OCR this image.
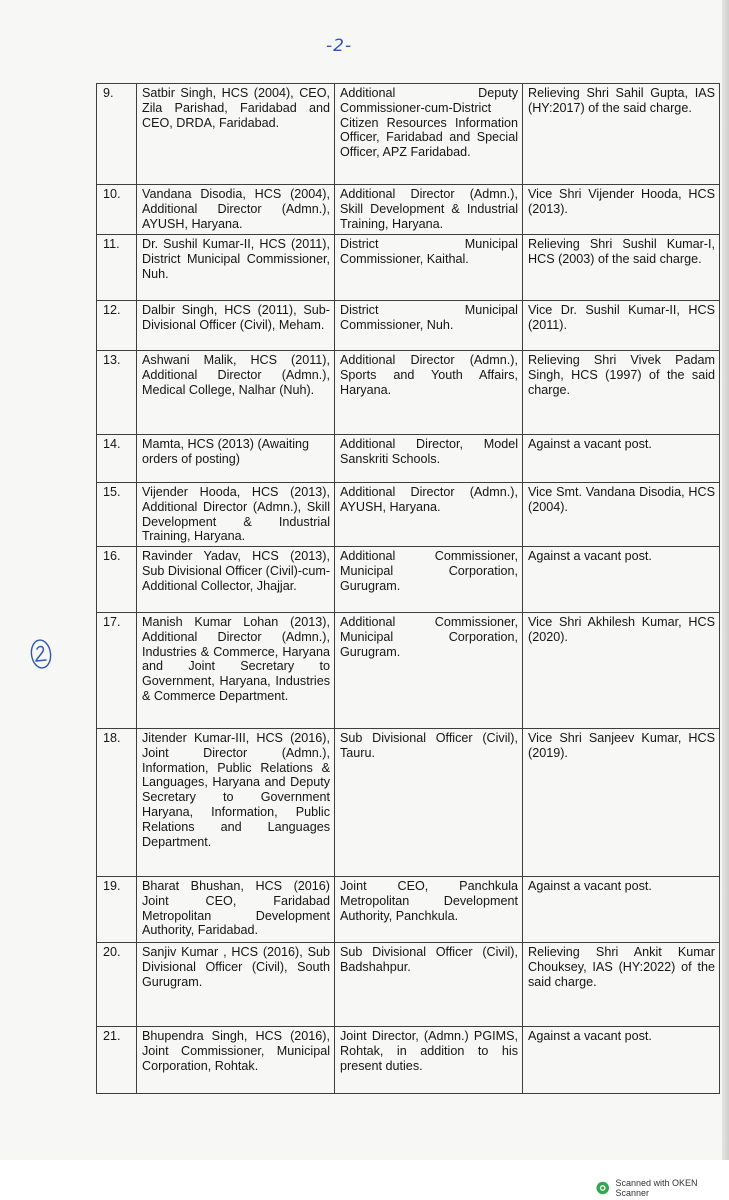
-2-
9.	Satbir Singh, HCS (2004), CEO, Zila Parishad, Faridabad and CEO, DRDA, Faridabad.	Additional Deputy Commissioner-cum-District Citizen Resources Information Officer, Faridabad and Special Officer, APZ Faridabad.	Relieving Shri Sahil Gupta, IAS (HY:2017) of the said charge.
10.	Vandana Disodia, HCS (2004), Additional Director (Admn.), AYUSH, Haryana.	Additional Director (Admn.), Skill Development & Industrial Training, Haryana.	Vice Shri Vijender Hooda, HCS (2013).
11.	Dr. Sushil Kumar-II, HCS (2011), District Municipal Commissioner, Nuh.	District Municipal Commissioner, Kaithal.	Relieving Shri Sushil Kumar-I, HCS (2003) of the said charge.
12.	Dalbir Singh, HCS (2011), Sub-Divisional Officer (Civil), Meham.	District Municipal Commissioner, Nuh.	Vice Dr. Sushil Kumar-II, HCS (2011).
13.	Ashwani Malik, HCS (2011), Additional Director (Admn.), Medical College, Nalhar (Nuh).	Additional Director (Admn.), Sports and Youth Affairs, Haryana.	Relieving Shri Vivek Padam Singh, HCS (1997) of the said charge.
14.	Mamta, HCS (2013) (Awaiting orders of posting)	Additional Director, Model Sanskriti Schools.	Against a vacant post.
15.	Vijender Hooda, HCS (2013), Additional Director (Admn.), Skill Development & Industrial Training, Haryana.	Additional Director (Admn.), AYUSH, Haryana.	Vice Smt. Vandana Disodia, HCS (2004).
16.	Ravinder Yadav, HCS (2013), Sub Divisional Officer (Civil)-cum-Additional Collector, Jhajjar.	Additional Commissioner, Municipal Corporation, Gurugram.	Against a vacant post.
17.	Manish Kumar Lohan (2013), Additional Director (Admn.), Industries & Commerce, Haryana and Joint Secretary to Government, Haryana, Industries & Commerce Department.	Additional Commissioner, Municipal Corporation, Gurugram.	Vice Shri Akhilesh Kumar, HCS (2020).
18.	Jitender Kumar-III, HCS (2016), Joint Director (Admn.), Information, Public Relations & Languages, Haryana and Deputy Secretary to Government Haryana, Information, Public Relations and Languages Department.	Sub Divisional Officer (Civil), Tauru.	Vice Shri Sanjeev Kumar, HCS (2019).
19.	Bharat Bhushan, HCS (2016) Joint CEO, Faridabad Metropolitan Development Authority, Faridabad.	Joint CEO, Panchkula Metropolitan Development Authority, Panchkula.	Against a vacant post.
20.	Sanjiv Kumar , HCS (2016), Sub Divisional Officer (Civil), South Gurugram.	Sub Divisional Officer (Civil), Badshahpur.	Relieving Shri Ankit Kumar Chouksey, IAS (HY:2022) of the said charge.
21.	Bhupendra Singh, HCS (2016), Joint Commissioner, Municipal Corporation, Rohtak.	Joint Director, (Admn.) PGIMS, Rohtak, in addition to his present duties.	Against a vacant post.
Scanned with OKEN Scanner
